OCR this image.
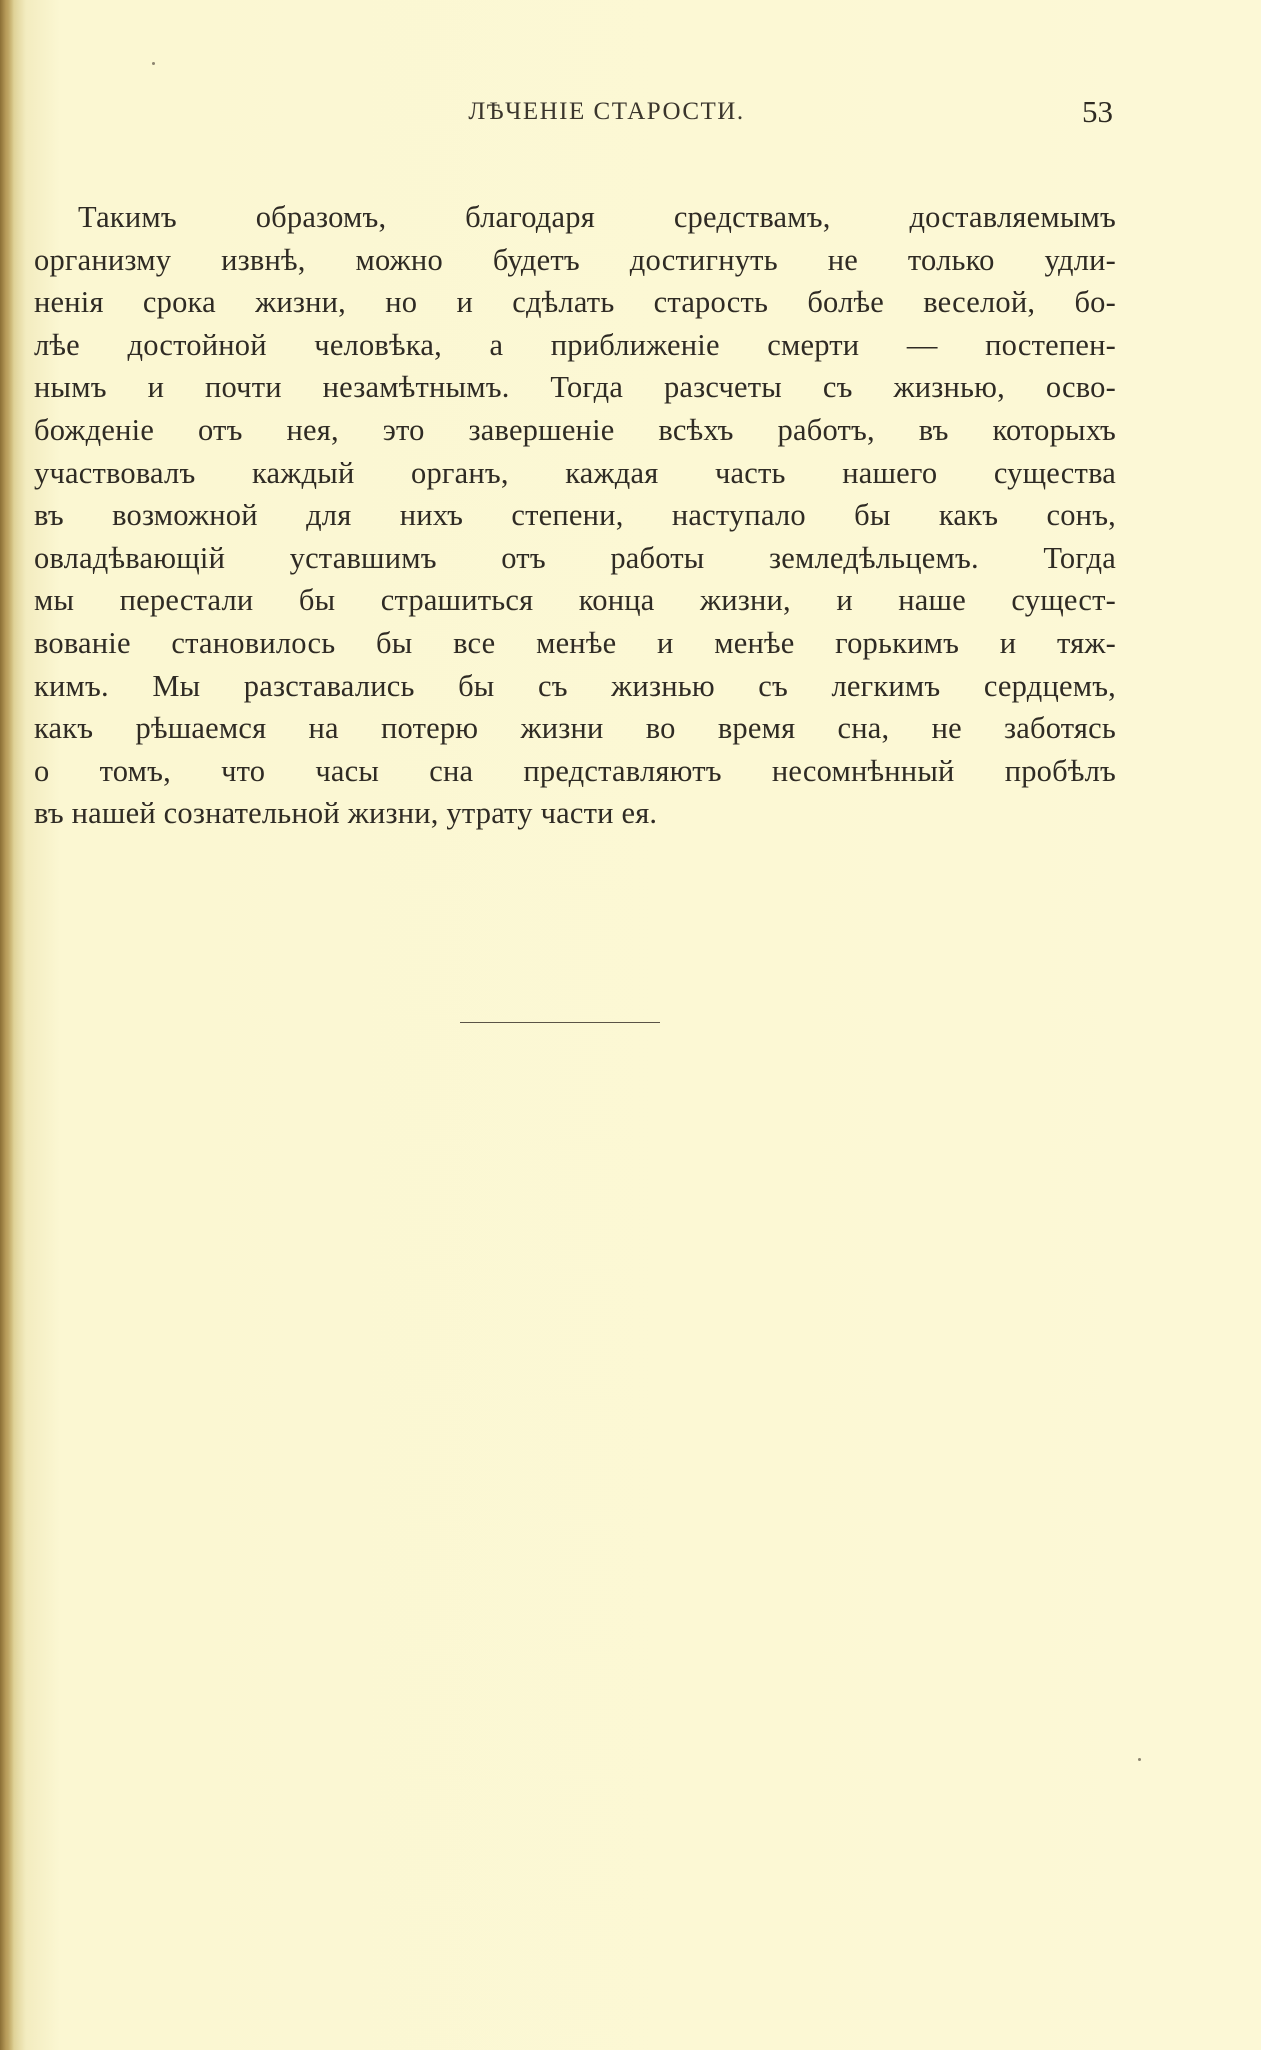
ЛѢЧЕНІЕ СТАРОСТИ.	53
Такимъ образомъ, благодаря средствамъ, доставляемымъ
организму извнѣ, можно будетъ достигнуть не только удли-
ненія срока жизни, но и сдѣлать старость болѣе веселой, бо-
лѣе достойной человѣка, а приближеніе смерти — постепен-
нымъ и почти незамѣтнымъ. Тогда разсчеты съ жизнью, осво-
божденіе отъ нея, это завершеніе всѣхъ работъ, въ которыхъ
участвовалъ каждый органъ, каждая часть нашего существа
въ возможной для нихъ степени, наступало бы какъ сонъ,
овладѣвающій уставшимъ отъ работы земледѣльцемъ. Тогда
мы перестали бы страшиться конца жизни, и наше сущест-
вованіе становилось бы все менѣе и менѣе горькимъ и тяж-
кимъ. Мы разставались бы съ жизнью съ легкимъ сердцемъ,
какъ рѣшаемся на потерю жизни во время сна, не заботясь
о томъ, что часы сна представляютъ несомнѣнный пробѣлъ
въ нашей сознательной жизни, утрату части ея.
